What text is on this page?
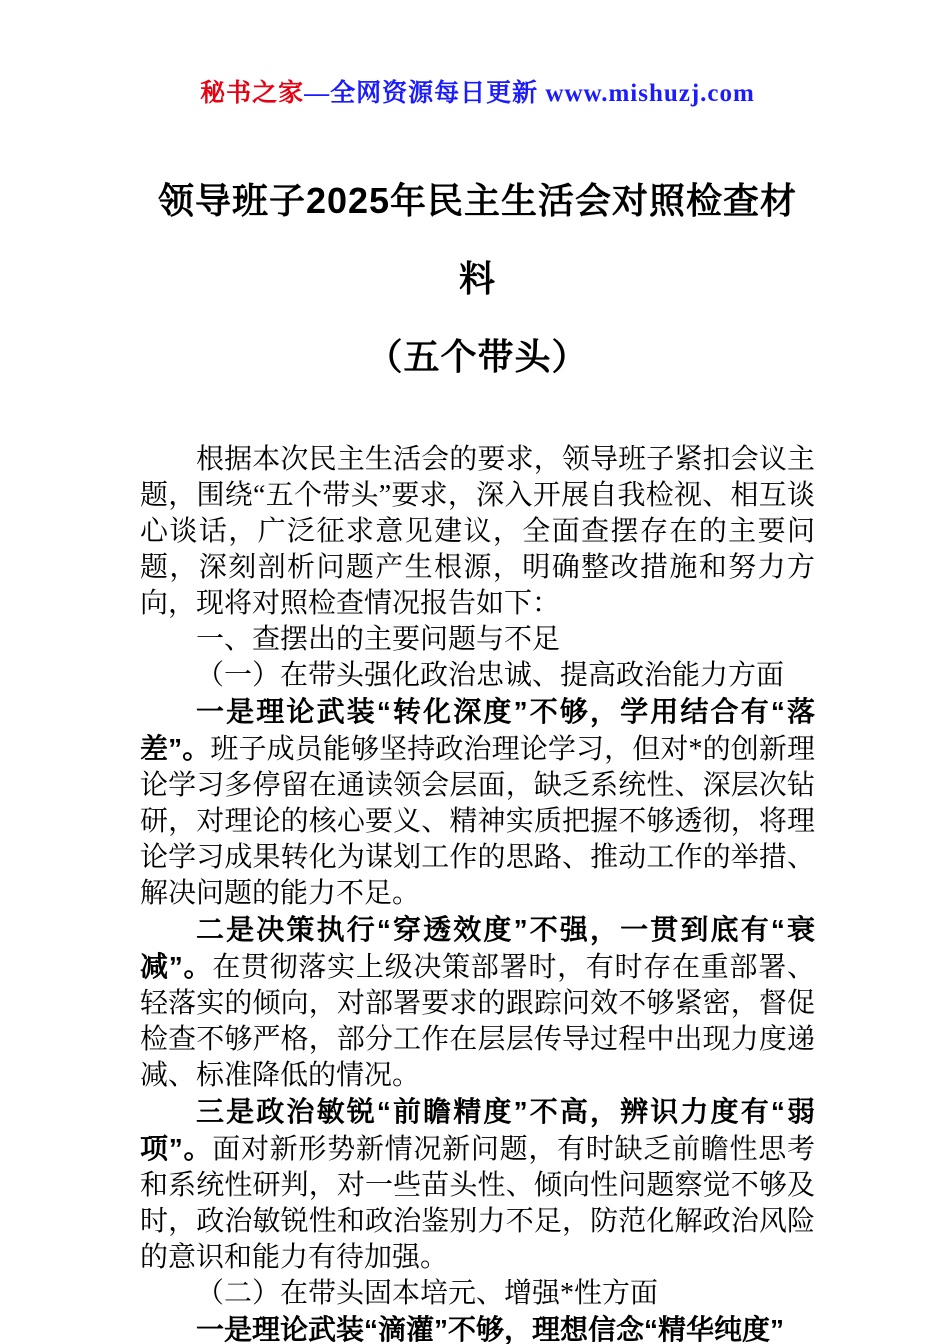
秘书之家—全网资源每日更新 www.mishuzj.com
领导班子2025年民主生活会对照检查材料
（五个带头）

根据本次民主生活会的要求，领导班子紧扣会议主题，围绕“五个带头”要求，深入开展自我检视、相互谈心谈话，广泛征求意见建议，全面查摆存在的主要问题，深刻剖析问题产生根源，明确整改措施和努力方向，现将对照检查情况报告如下：

一、查摆出的主要问题与不足

（一）在带头强化政治忠诚、提高政治能力方面

一是理论武装“转化深度”不够，学用结合有“落差”。班子成员能够坚持政治理论学习，但对*的创新理论学习多停留在通读领会层面，缺乏系统性、深层次钻研，对理论的核心要义、精神实质把握不够透彻，将理论学习成果转化为谋划工作的思路、推动工作的举措、解决问题的能力不足。

二是决策执行“穿透效度”不强，一贯到底有“衰减”。在贯彻落实上级决策部署时，有时存在重部署、轻落实的倾向，对部署要求的跟踪问效不够紧密，督促检查不够严格，部分工作在层层传导过程中出现力度递减、标准降低的情况。

三是政治敏锐“前瞻精度”不高，辨识力度有“弱项”。面对新形势新情况新问题，有时缺乏前瞻性思考和系统性研判，对一些苗头性、倾向性问题察觉不够及时，政治敏锐性和政治鉴别力不足，防范化解政治风险的意识和能力有待加强。

（二）在带头固本培元、增强*性方面

一是理论武装“滴灌”不够，理想信念“精华纯度”
